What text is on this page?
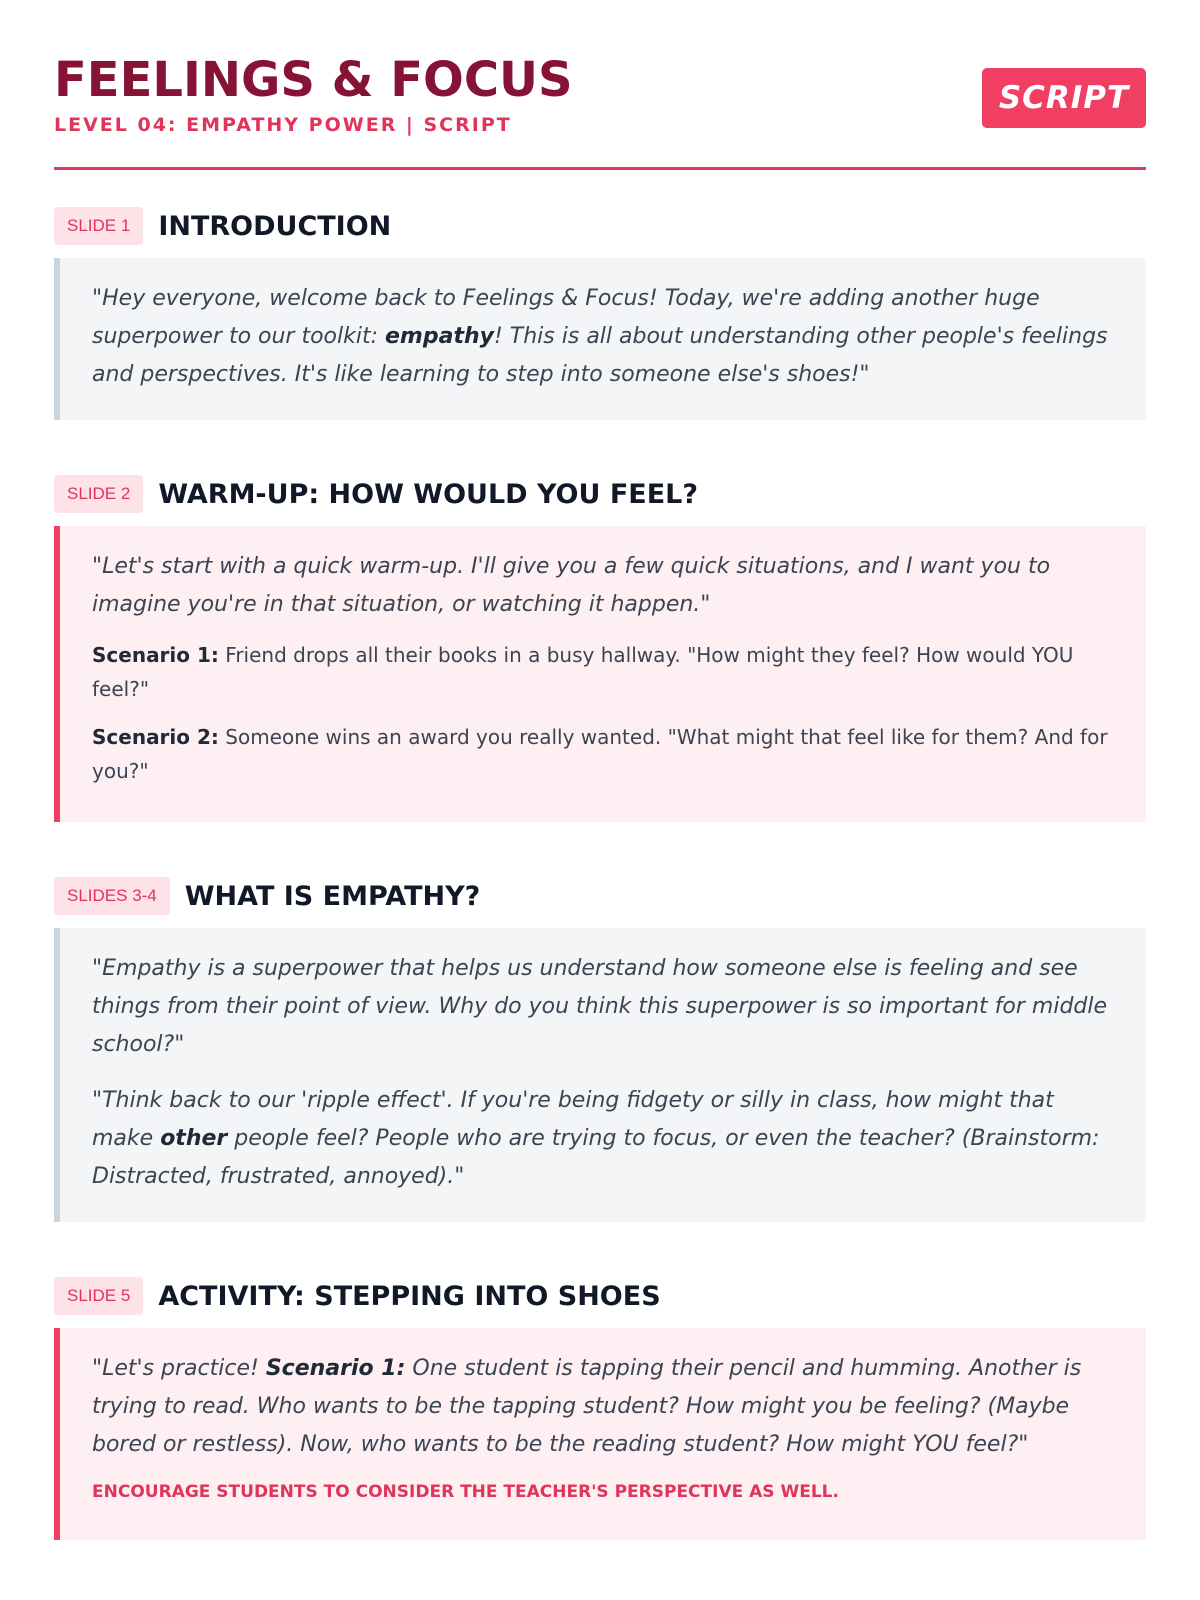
FEELINGS & FOCUS
LEVEL 04: EMPATHY POWER | SCRIPT
SCRIPT
SLIDE 1	INTRODUCTION

"Hey everyone, welcome back to Feelings & Focus! Today, we're adding another huge superpower to our toolkit: empathy! This is all about understanding other people's feelings and perspectives. It's like learning to step into someone else's shoes!"

SLIDE 2	WARM-UP: HOW WOULD YOU FEEL?

"Let's start with a quick warm-up. I'll give you a few quick situations, and I want you to imagine you're in that situation, or watching it happen."

Scenario 1: Friend drops all their books in a busy hallway. "How might they feel? How would YOU feel?"

Scenario 2: Someone wins an award you really wanted. "What might that feel like for them? And for you?"

SLIDES 3-4	WHAT IS EMPATHY?

"Empathy is a superpower that helps us understand how someone else is feeling and see things from their point of view. Why do you think this superpower is so important for middle school?"

"Think back to our 'ripple effect'. If you're being fidgety or silly in class, how might that make other people feel? People who are trying to focus, or even the teacher? (Brainstorm: Distracted, frustrated, annoyed)."

SLIDE 5	ACTIVITY: STEPPING INTO SHOES

"Let's practice! Scenario 1: One student is tapping their pencil and humming. Another is trying to read. Who wants to be the tapping student? How might you be feeling? (Maybe bored or restless). Now, who wants to be the reading student? How might YOU feel?"

ENCOURAGE STUDENTS TO CONSIDER THE TEACHER'S PERSPECTIVE AS WELL.
